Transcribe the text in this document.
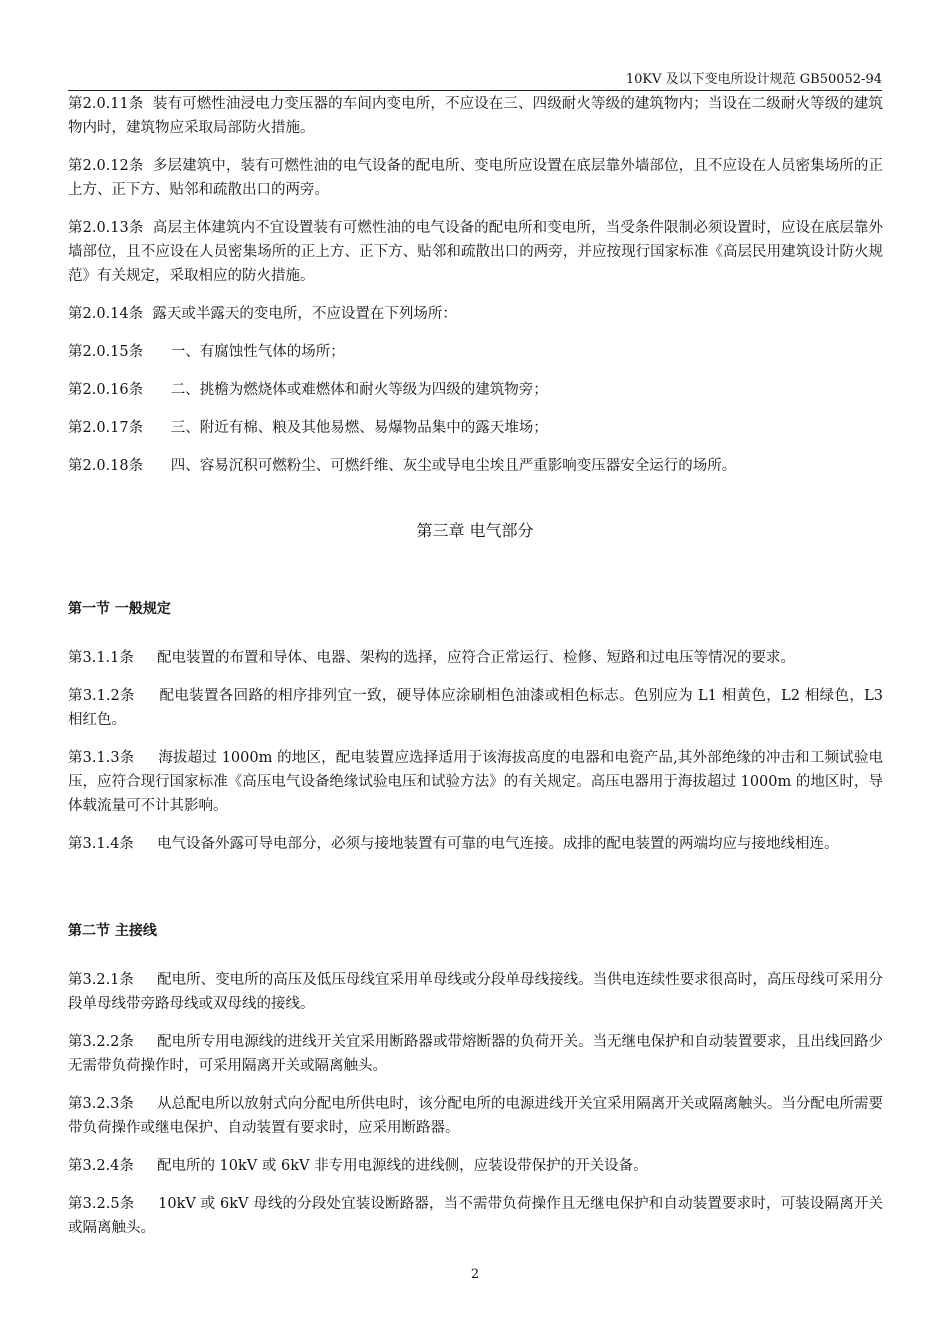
10KV 及以下变电所设计规范 GB50052-94

第2.0.11条 装有可燃性油浸电力变压器的车间内变电所，不应设在三、四级耐火等级的建筑物内；当设在二级耐火等级的建筑物内时，建筑物应采取局部防火措施。

第2.0.12条 多层建筑中，装有可燃性油的电气设备的配电所、变电所应设置在底层靠外墙部位，且不应设在人员密集场所的正上方、正下方、贴邻和疏散出口的两旁。

第2.0.13条 高层主体建筑内不宜设置装有可燃性油的电气设备的配电所和变电所，当受条件限制必须设置时，应设在底层靠外墙部位，且不应设在人员密集场所的正上方、正下方、贴邻和疏散出口的两旁，并应按现行国家标准《高层民用建筑设计防火规范》有关规定，采取相应的防火措施。

第2.0.14条 露天或半露天的变电所，不应设置在下列场所：

第2.0.15条 一、有腐蚀性气体的场所；

第2.0.16条 二、挑檐为燃烧体或难燃体和耐火等级为四级的建筑物旁；

第2.0.17条 三、附近有棉、粮及其他易燃、易爆物品集中的露天堆场；

第2.0.18条 四、容易沉积可燃粉尘、可燃纤维、灰尘或导电尘埃且严重影响变压器安全运行的场所。

第三章 电气部分

第一节 一般规定

第3.1.1条 配电装置的布置和导体、电器、架构的选择，应符合正常运行、检修、短路和过电压等情况的要求。

第3.1.2条 配电装置各回路的相序排列宜一致，硬导体应涂刷相色油漆或相色标志。色别应为 L1 相黄色，L2 相绿色，L3 相红色。

第3.1.3条 海拔超过 1000m 的地区，配电装置应选择适用于该海拔高度的电器和电瓷产品,其外部绝缘的冲击和工频试验电压，应符合现行国家标准《高压电气设备绝缘试验电压和试验方法》的有关规定。高压电器用于海拔超过 1000m 的地区时，导体载流量可不计其影响。

第3.1.4条 电气设备外露可导电部分，必须与接地装置有可靠的电气连接。成排的配电装置的两端均应与接地线相连。

第二节 主接线

第3.2.1条 配电所、变电所的高压及低压母线宜采用单母线或分段单母线接线。当供电连续性要求很高时，高压母线可采用分段单母线带旁路母线或双母线的接线。

第3.2.2条 配电所专用电源线的进线开关宜采用断路器或带熔断器的负荷开关。当无继电保护和自动装置要求，且出线回路少无需带负荷操作时，可采用隔离开关或隔离触头。

第3.2.3条 从总配电所以放射式向分配电所供电时，该分配电所的电源进线开关宜采用隔离开关或隔离触头。当分配电所需要带负荷操作或继电保护、自动装置有要求时，应采用断路器。

第3.2.4条 配电所的 10kV 或 6kV 非专用电源线的进线侧，应装设带保护的开关设备。

第3.2.5条 10kV 或 6kV 母线的分段处宜装设断路器，当不需带负荷操作且无继电保护和自动装置要求时，可装设隔离开关或隔离触头。

2
